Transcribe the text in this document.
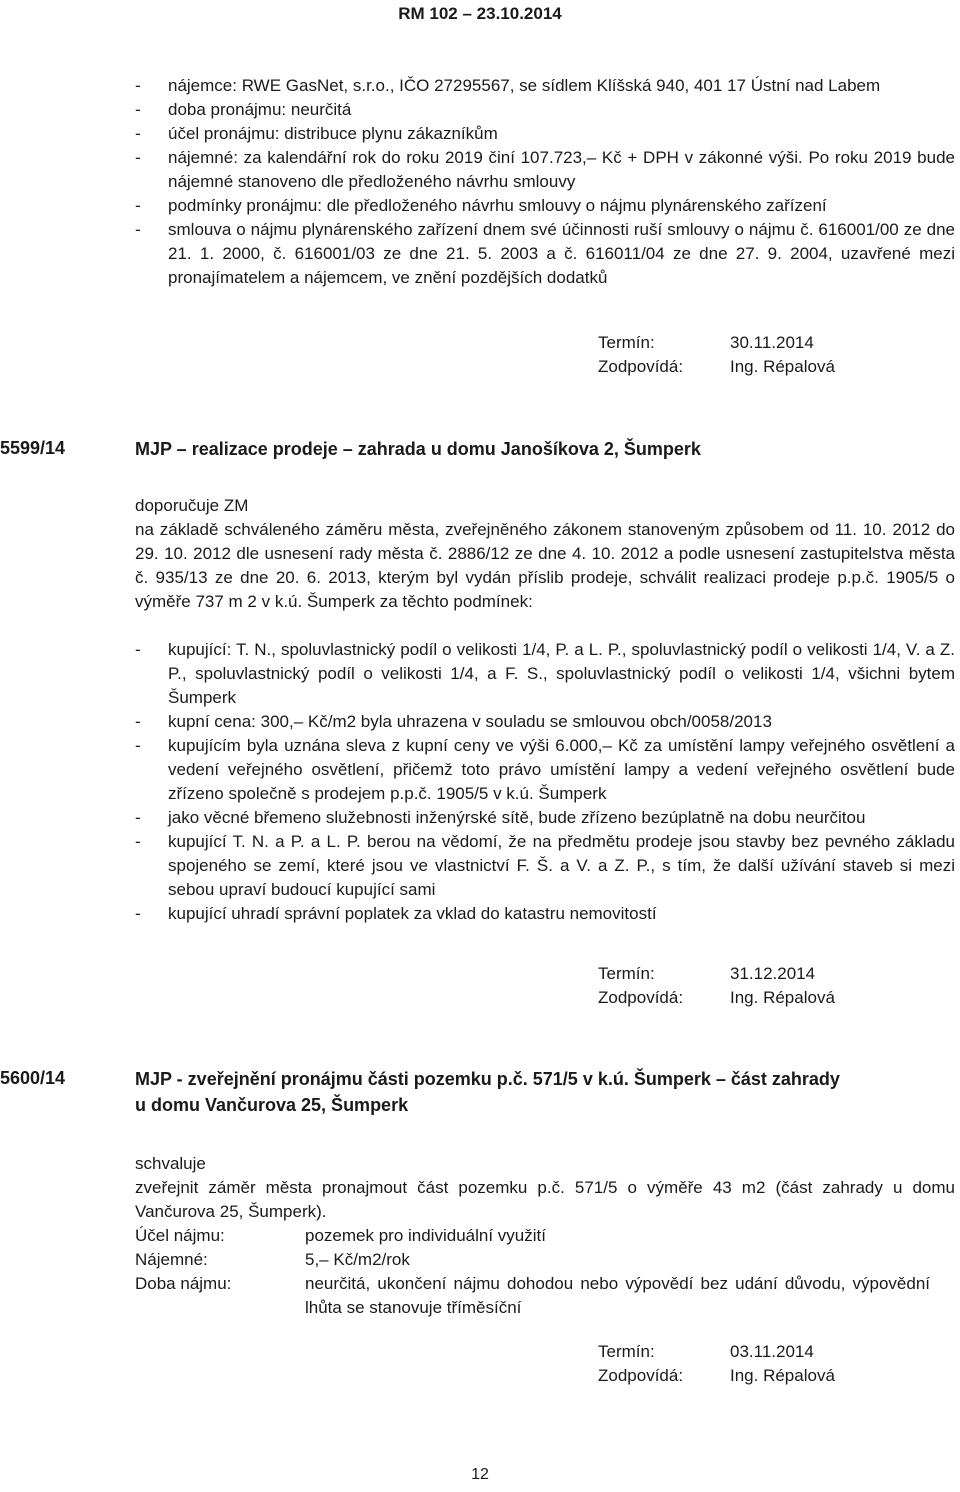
RM 102 – 23.10.2014
- nájemce: RWE GasNet, s.r.o., IČO 27295567, se sídlem Klíšská 940, 401 17 Ústní nad Labem
- doba pronájmu: neurčitá
- účel pronájmu: distribuce plynu zákazníkům
- nájemné: za kalendářní rok do roku 2019 činí 107.723,– Kč + DPH v zákonné výši. Po roku 2019 bude nájemné stanoveno dle předloženého návrhu smlouvy
- podmínky pronájmu: dle předloženého návrhu smlouvy o nájmu plynárenského zařízení
- smlouva o nájmu plynárenského zařízení dnem své účinnosti ruší smlouvy o nájmu č. 616001/00 ze dne 21. 1. 2000, č. 616001/03 ze dne 21. 5. 2003 a č. 616011/04 ze dne 27. 9. 2004, uzavřené mezi pronajímatelem a nájemcem, ve znění pozdějších dodatků
Termín:	30.11.2014
Zodpovídá:	Ing. Répalová
5599/14	MJP – realizace prodeje – zahrada u domu Janošíkova 2, Šumperk
doporučuje ZM
na základě schváleného záměru města, zveřejněného zákonem stanoveným způsobem od 11. 10. 2012 do 29. 10. 2012 dle usnesení rady města č. 2886/12 ze dne 4. 10. 2012 a podle usnesení zastupitelstva města č. 935/13 ze dne 20. 6. 2013, kterým byl vydán příslib prodeje, schválit realizaci prodeje p.p.č. 1905/5 o výměře 737 m 2 v k.ú. Šumperk za těchto podmínek:
- kupující: T. N., spoluvlastnický podíl o velikosti 1/4, P. a L. P., spoluvlastnický podíl o velikosti 1/4, V. a Z. P., spoluvlastnický podíl o velikosti 1/4, a F. S., spoluvlastnický podíl o velikosti 1/4, všichni bytem Šumperk
- kupní cena: 300,– Kč/m2 byla uhrazena v souladu se smlouvou obch/0058/2013
- kupujícím byla uznána sleva z kupní ceny ve výši 6.000,– Kč za umístění lampy veřejného osvětlení a vedení veřejného osvětlení, přičemž toto právo umístění lampy a vedení veřejného osvětlení bude zřízeno společně s prodejem p.p.č. 1905/5 v k.ú. Šumperk
- jako věcné břemeno služebnosti inženýrské sítě, bude zřízeno bezúplatně na dobu neurčitou
- kupující T. N. a P. a L. P. berou na vědomí, že na předmětu prodeje jsou stavby bez pevného základu spojeného se zemí, které jsou ve vlastnictví F. Š. a V. a Z. P., s tím, že další užívání staveb si mezi sebou upraví budoucí kupující sami
- kupující uhradí správní poplatek za vklad do katastru nemovitostí
Termín:	31.12.2014
Zodpovídá:	Ing. Répalová
5600/14	MJP - zveřejnění pronájmu části pozemku p.č. 571/5 v k.ú. Šumperk – část zahrady
u domu Vančurova 25, Šumperk
schvaluje
zveřejnit záměr města pronajmout část pozemku p.č. 571/5 o výměře 43 m2 (část zahrady u domu Vančurova 25, Šumperk).
Účel nájmu:	pozemek pro individuální využití
Nájemné:	5,– Kč/m2/rok
Doba nájmu:	neurčitá, ukončení nájmu dohodou nebo výpovědí bez udání důvodu, výpovědní lhůta se stanovuje tříměsíční
Termín:	03.11.2014
Zodpovídá:	Ing. Répalová
12
